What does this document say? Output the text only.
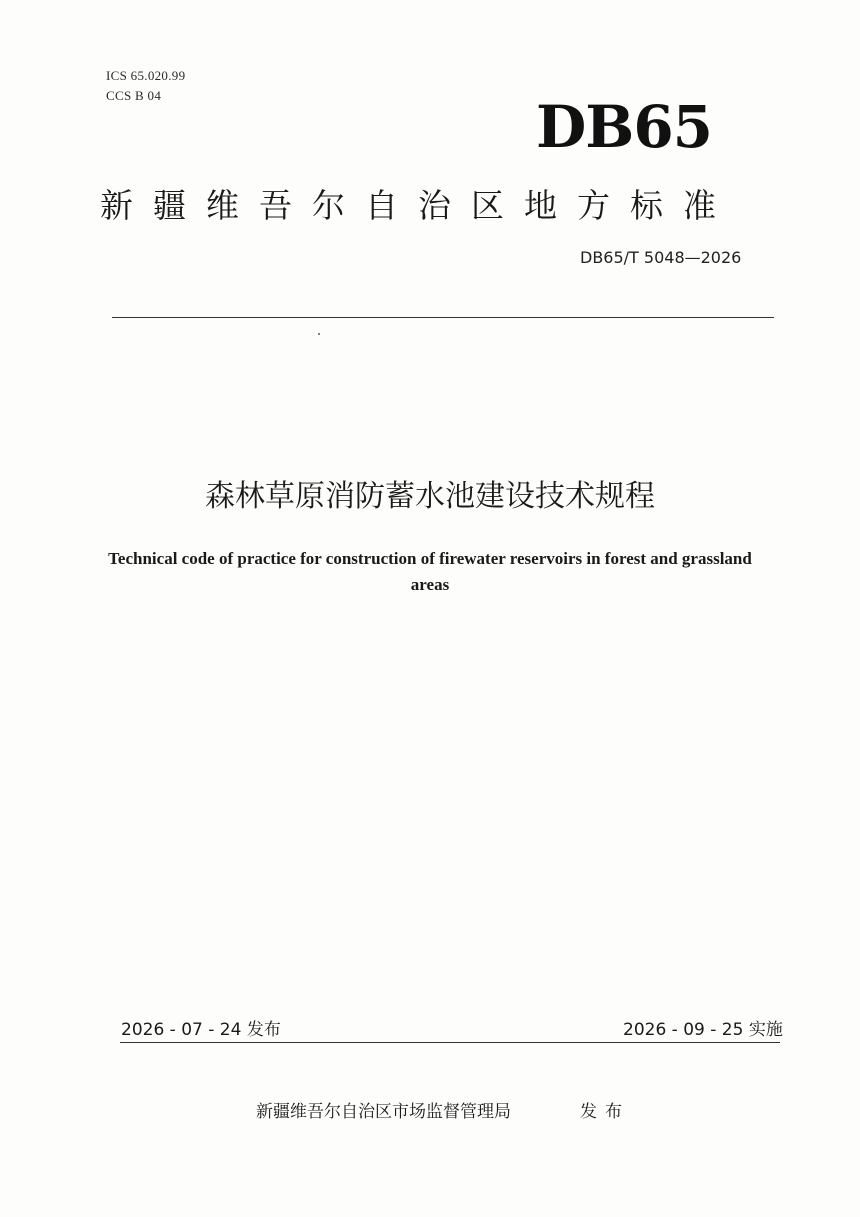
ICS 65.020.99
CCS B 04	DB65
新疆维吾尔自治区地方标准
DB65/T 5048—2026
森林草原消防蓄水池建设技术规程
Technical code of practice for construction of firewater reservoirs in forest and grassland areas
2026 - 07 - 24 发布	2026 - 09 - 25 实施
新疆维吾尔自治区市场监督管理局	发布
